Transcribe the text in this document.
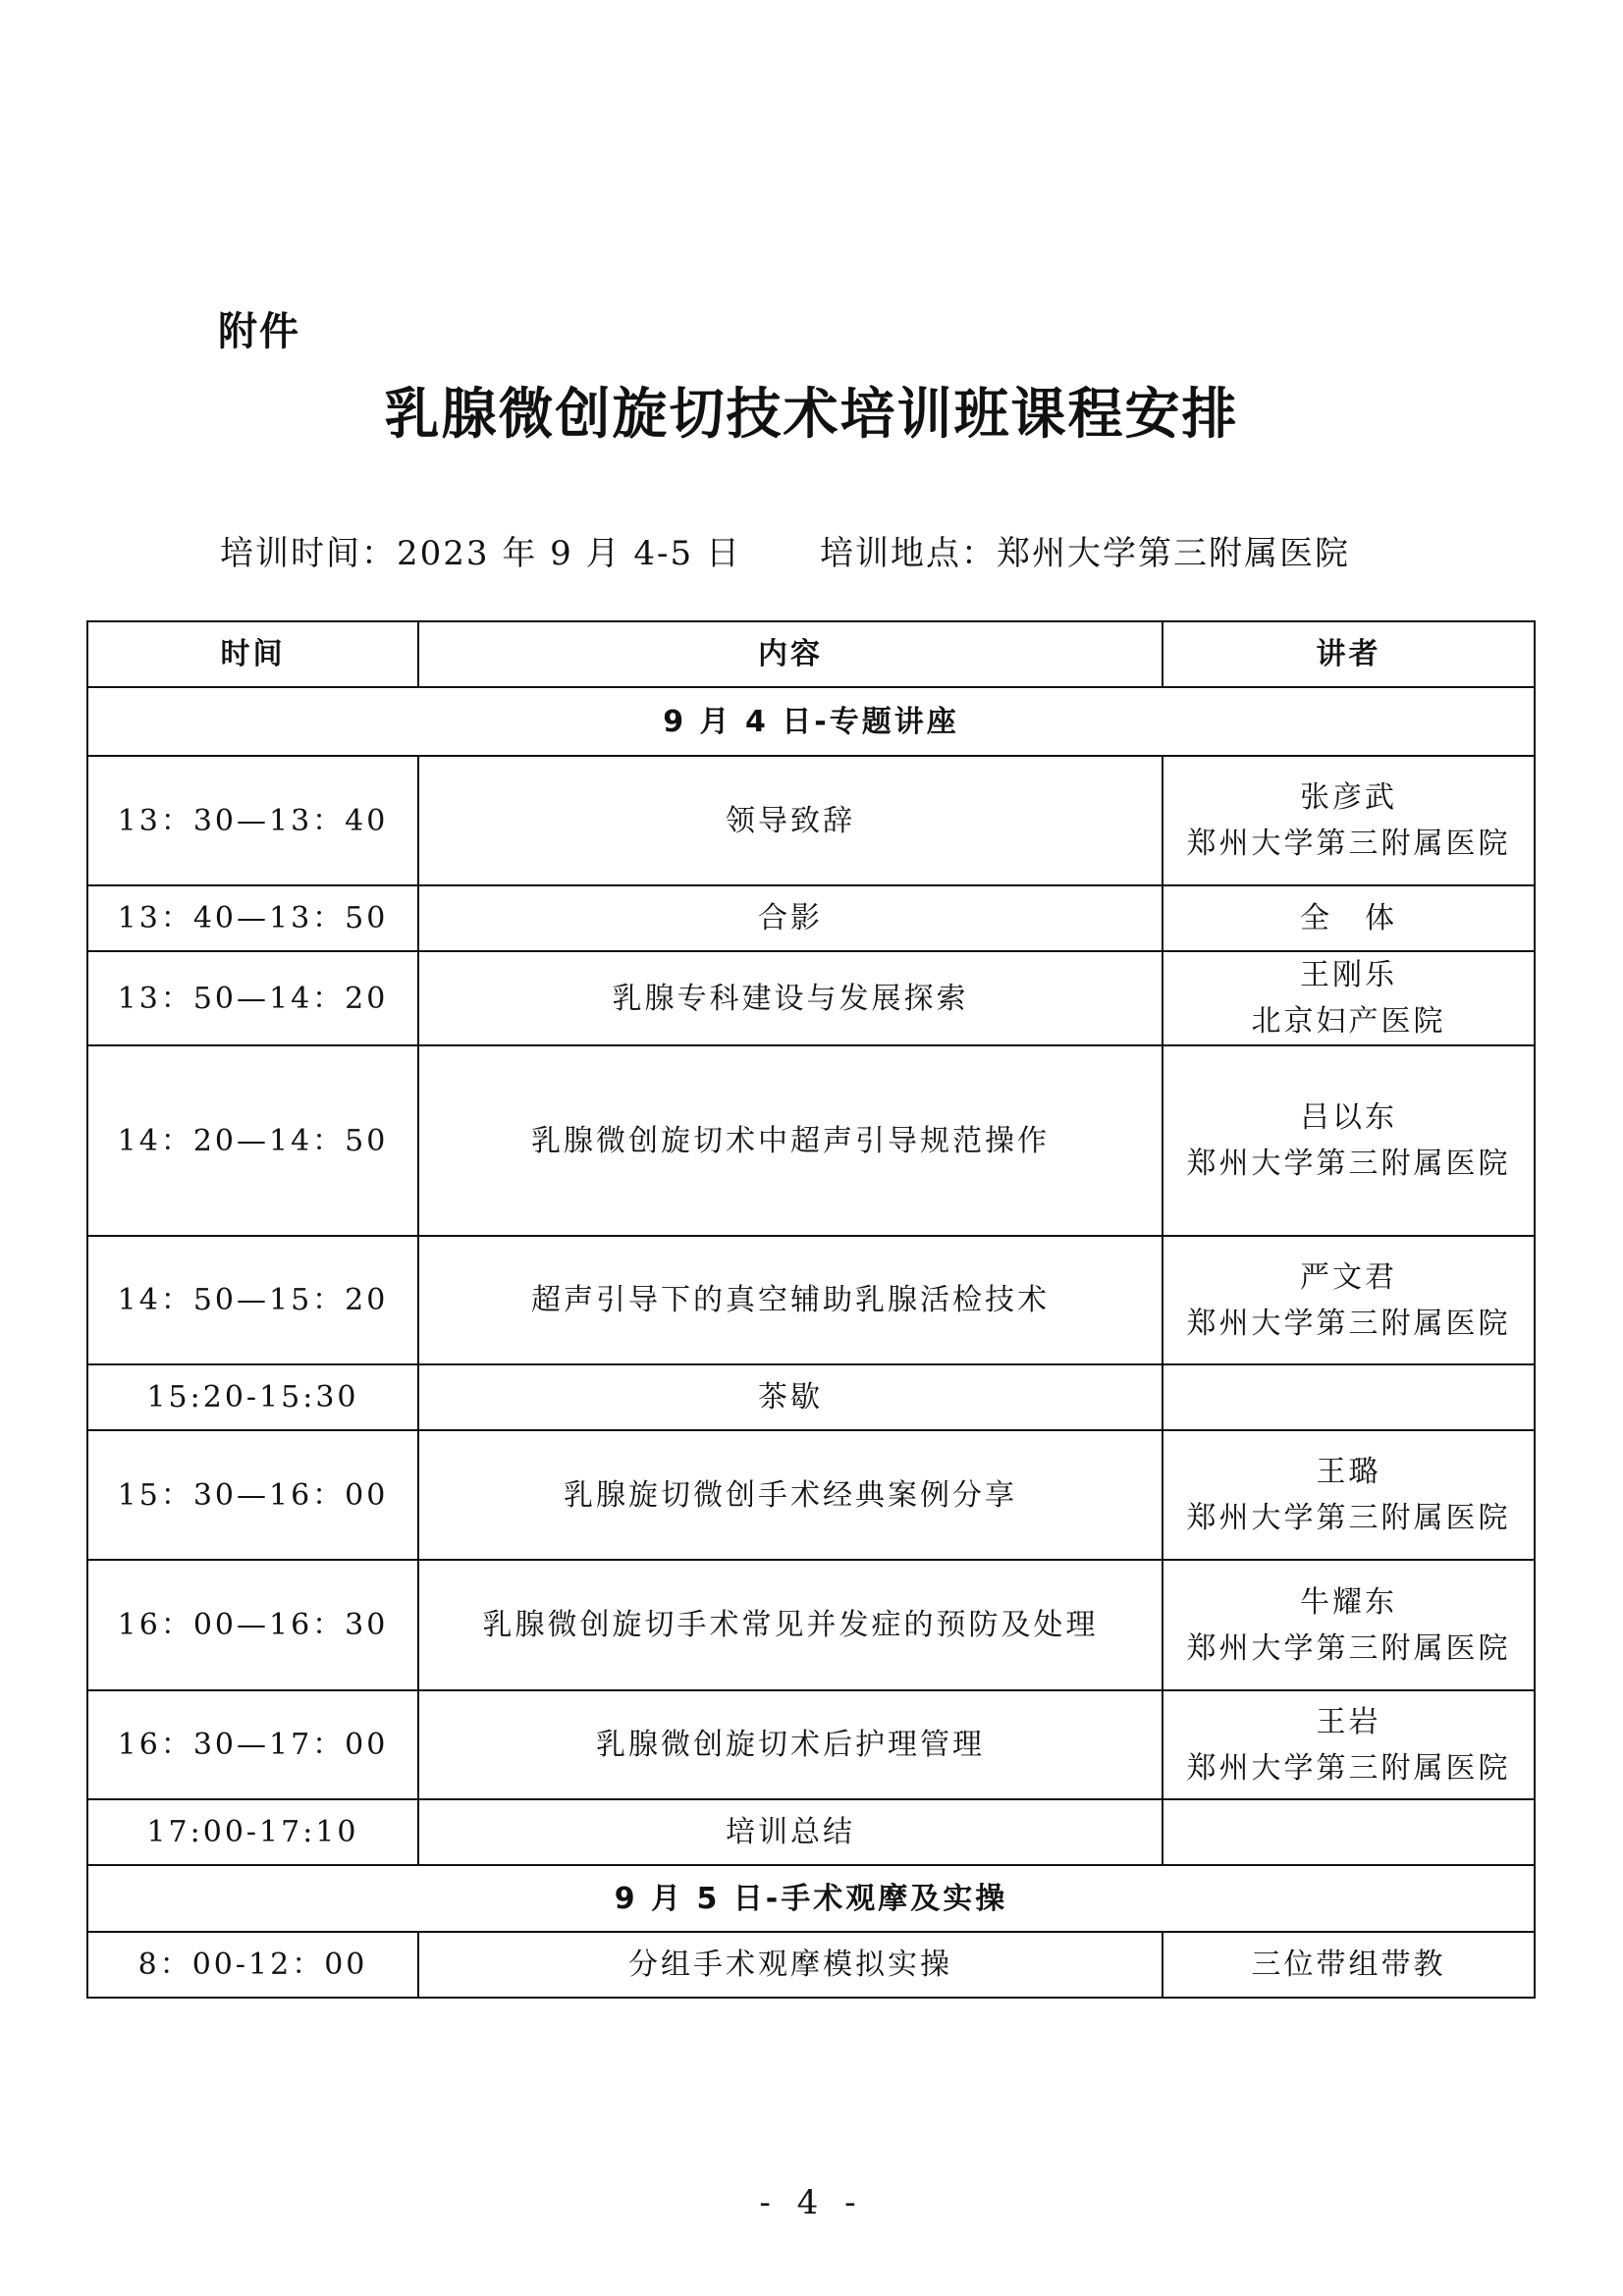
附件
乳腺微创旋切技术培训班课程安排
培训时间：2023 年 9 月 4-5 日 培训地点：郑州大学第三附属医院
时间	内容	讲者
9 月 4 日-专题讲座		
13：30—13：40	领导致辞	张彦武
郑州大学第三附属医院

13：40—13：50	合影	全　体

13：50—14：20	乳腺专科建设与发展探索	王刚乐
北京妇产医院

14：20—14：50	乳腺微创旋切术中超声引导规范操作	吕以东
郑州大学第三附属医院

14：50—15：20	超声引导下的真空辅助乳腺活检技术	严文君
郑州大学第三附属医院

15:20-15:30	茶歇	
15：30—16：00	乳腺旋切微创手术经典案例分享	王璐
郑州大学第三附属医院

16：00—16：30	乳腺微创旋切手术常见并发症的预防及处理	牛耀东
郑州大学第三附属医院

16：30—17：00	乳腺微创旋切术后护理管理	王岩
郑州大学第三附属医院

17:00-17:10	培训总结	
9 月 5 日-手术观摩及实操		
8：00-12：00	分组手术观摩模拟实操	三位带组带教
- 4 -
